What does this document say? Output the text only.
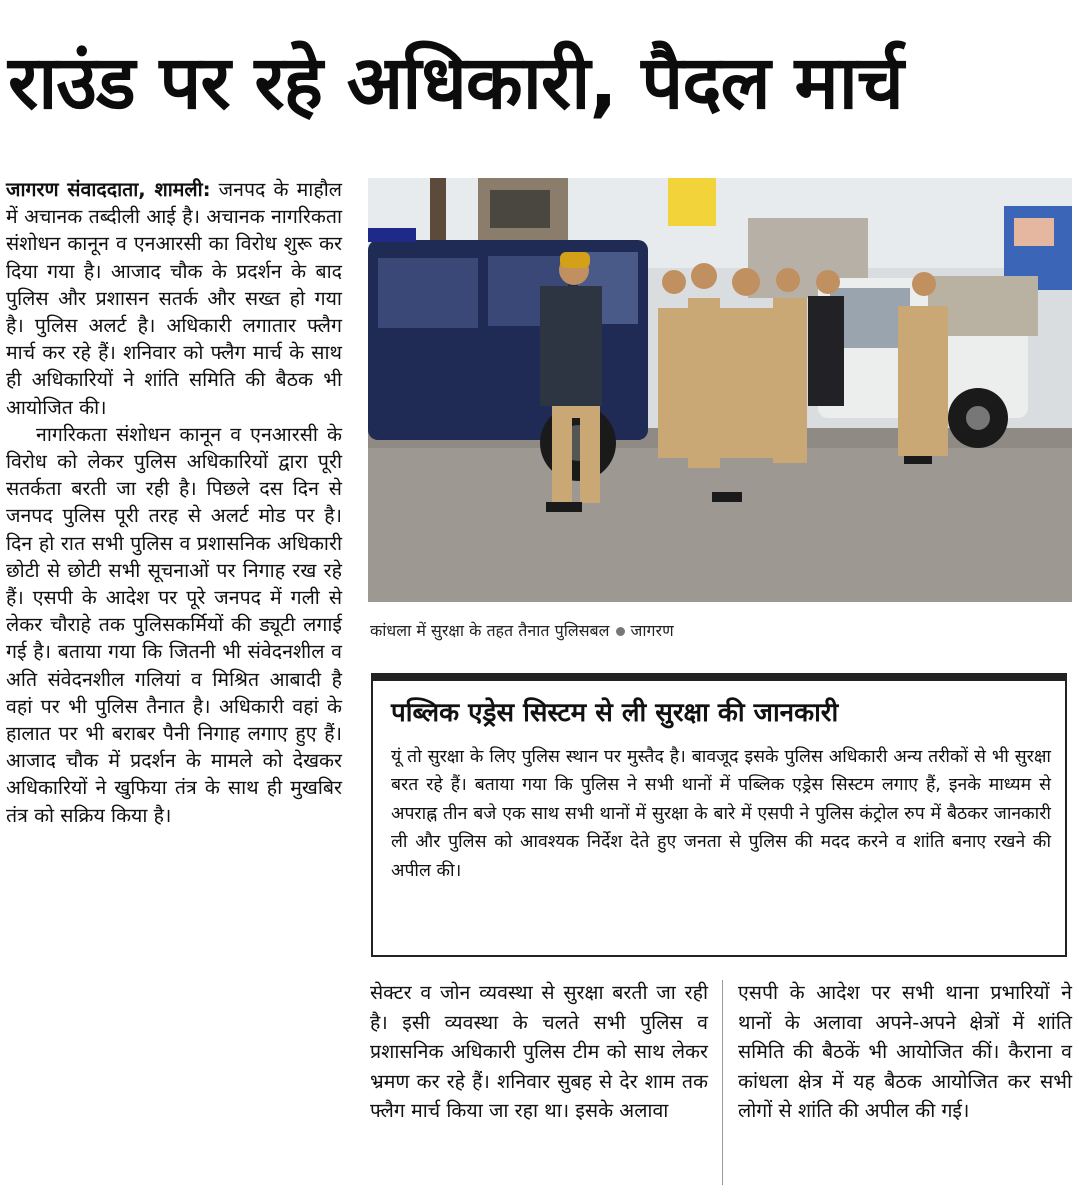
राउंड पर रहे अधिकारी, पैदल मार्च

जागरण संवाददाता, शामली: जनपद के माहौल में अचानक तब्दीली आई है। अचानक नागरिकता संशोधन कानून व एनआरसी का विरोध शुरू कर दिया गया है। आजाद चौक के प्रदर्शन के बाद पुलिस और प्रशासन सतर्क और सख्त हो गया है। पुलिस अलर्ट है। अधिकारी लगातार फ्लैग मार्च कर रहे हैं। शनिवार को फ्लैग मार्च के साथ ही अधिकारियों ने शांति समिति की बैठक भी आयोजित की।

नागरिकता संशोधन कानून व एनआरसी के विरोध को लेकर पुलिस अधिकारियों द्वारा पूरी सतर्कता बरती जा रही है। पिछले दस दिन से जनपद पुलिस पूरी तरह से अलर्ट मोड पर है। दिन हो रात सभी पुलिस व प्रशासनिक अधिकारी छोटी से छोटी सभी सूचनाओं पर निगाह रख रहे हैं। एसपी के आदेश पर पूरे जनपद में गली से लेकर चौराहे तक पुलिसकर्मियों की ड्यूटी लगाई गई है। बताया गया कि जितनी भी संवेदनशील व अति संवेदनशील गलियां व मिश्रित आबादी है वहां पर भी पुलिस तैनात है। अधिकारी वहां के हालात पर भी बराबर पैनी निगाह लगाए हुए हैं। आजाद चौक में प्रदर्शन के मामले को देखकर अधिकारियों ने खुफिया तंत्र के साथ ही मुखबिर तंत्र को सक्रिय किया है।

कांधला में सुरक्षा के तहत तैनात पुलिसबल जागरण
पब्लिक एड्रेस सिस्टम से ली सुरक्षा की जानकारी
यूं तो सुरक्षा के लिए पुलिस स्थान पर मुस्तैद है। बावजूद इसके पुलिस अधिकारी अन्य तरीकों से भी सुरक्षा बरत रहे हैं। बताया गया कि पुलिस ने सभी थानों में पब्लिक एड्रेस सिस्टम लगाए हैं, इनके माध्यम से अपराह्न तीन बजे एक साथ सभी थानों में सुरक्षा के बारे में एसपी ने पुलिस कंट्रोल रुप में बैठकर जानकारी ली और पुलिस को आवश्यक निर्देश देते हुए जनता से पुलिस की मदद करने व शांति बनाए रखने की अपील की।
सेक्टर व जोन व्यवस्था से सुरक्षा बरती जा रही है। इसी व्यवस्था के चलते सभी पुलिस व प्रशासनिक अधिकारी पुलिस टीम को साथ लेकर भ्रमण कर रहे हैं। शनिवार सुबह से देर शाम तक फ्लैग मार्च किया जा रहा था। इसके अलावा
एसपी के आदेश पर सभी थाना प्रभारियों ने थानों के अलावा अपने-अपने क्षेत्रों में शांति समिति की बैठकें भी आयोजित कीं। कैराना व कांधला क्षेत्र में यह बैठक आयोजित कर सभी लोगों से शांति की अपील की गई।
